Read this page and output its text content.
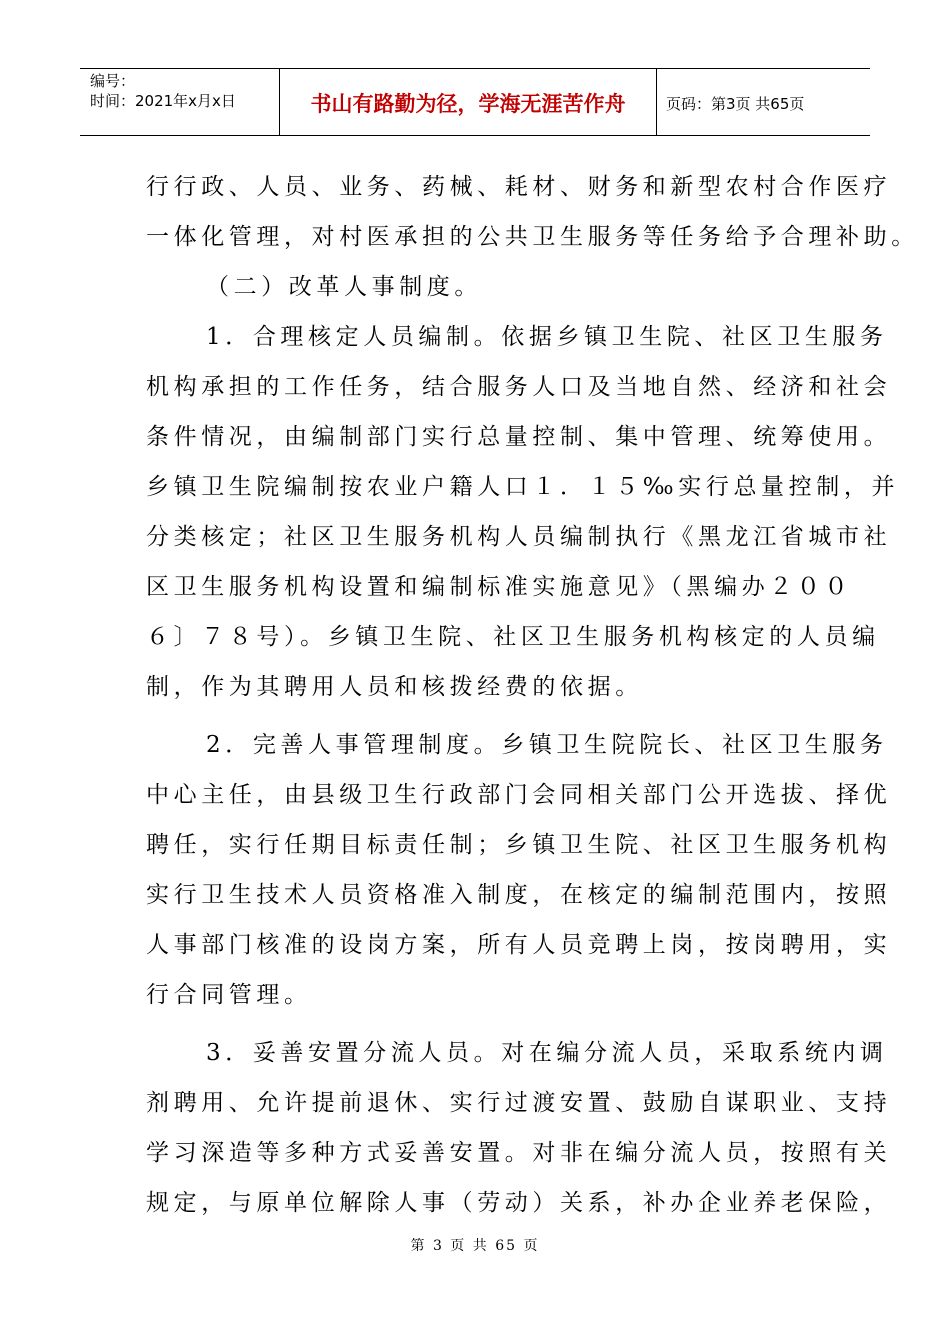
编号：
时间：2021年x月x日	书山有路勤为径，学海无涯苦作舟	页码：第3页 共65页
行行政、人员、业务、药械、耗材、财务和新型农村合作医疗
一体化管理，对村医承担的公共卫生服务等任务给予合理补助。
（二）改革人事制度。
1．合理核定人员编制。依据乡镇卫生院、社区卫生服务
机构承担的工作任务，结合服务人口及当地自然、经济和社会
条件情况，由编制部门实行总量控制、集中管理、统筹使用。
乡镇卫生院编制按农业户籍人口１．１５‰实行总量控制，并
分类核定；社区卫生服务机构人员编制执行《黑龙江省城市社
区卫生服务机构设置和编制标准实施意见》（黑编办２００
６〕７８号）。乡镇卫生院、社区卫生服务机构核定的人员编
制，作为其聘用人员和核拨经费的依据。
2．完善人事管理制度。乡镇卫生院院长、社区卫生服务
中心主任，由县级卫生行政部门会同相关部门公开选拔、择优
聘任，实行任期目标责任制；乡镇卫生院、社区卫生服务机构
实行卫生技术人员资格准入制度，在核定的编制范围内，按照
人事部门核准的设岗方案，所有人员竞聘上岗，按岗聘用，实
行合同管理。
3．妥善安置分流人员。对在编分流人员，采取系统内调
剂聘用、允许提前退休、实行过渡安置、鼓励自谋职业、支持
学习深造等多种方式妥善安置。对非在编分流人员，按照有关
规定，与原单位解除人事（劳动）关系，补办企业养老保险，
第 3 页 共 65 页
